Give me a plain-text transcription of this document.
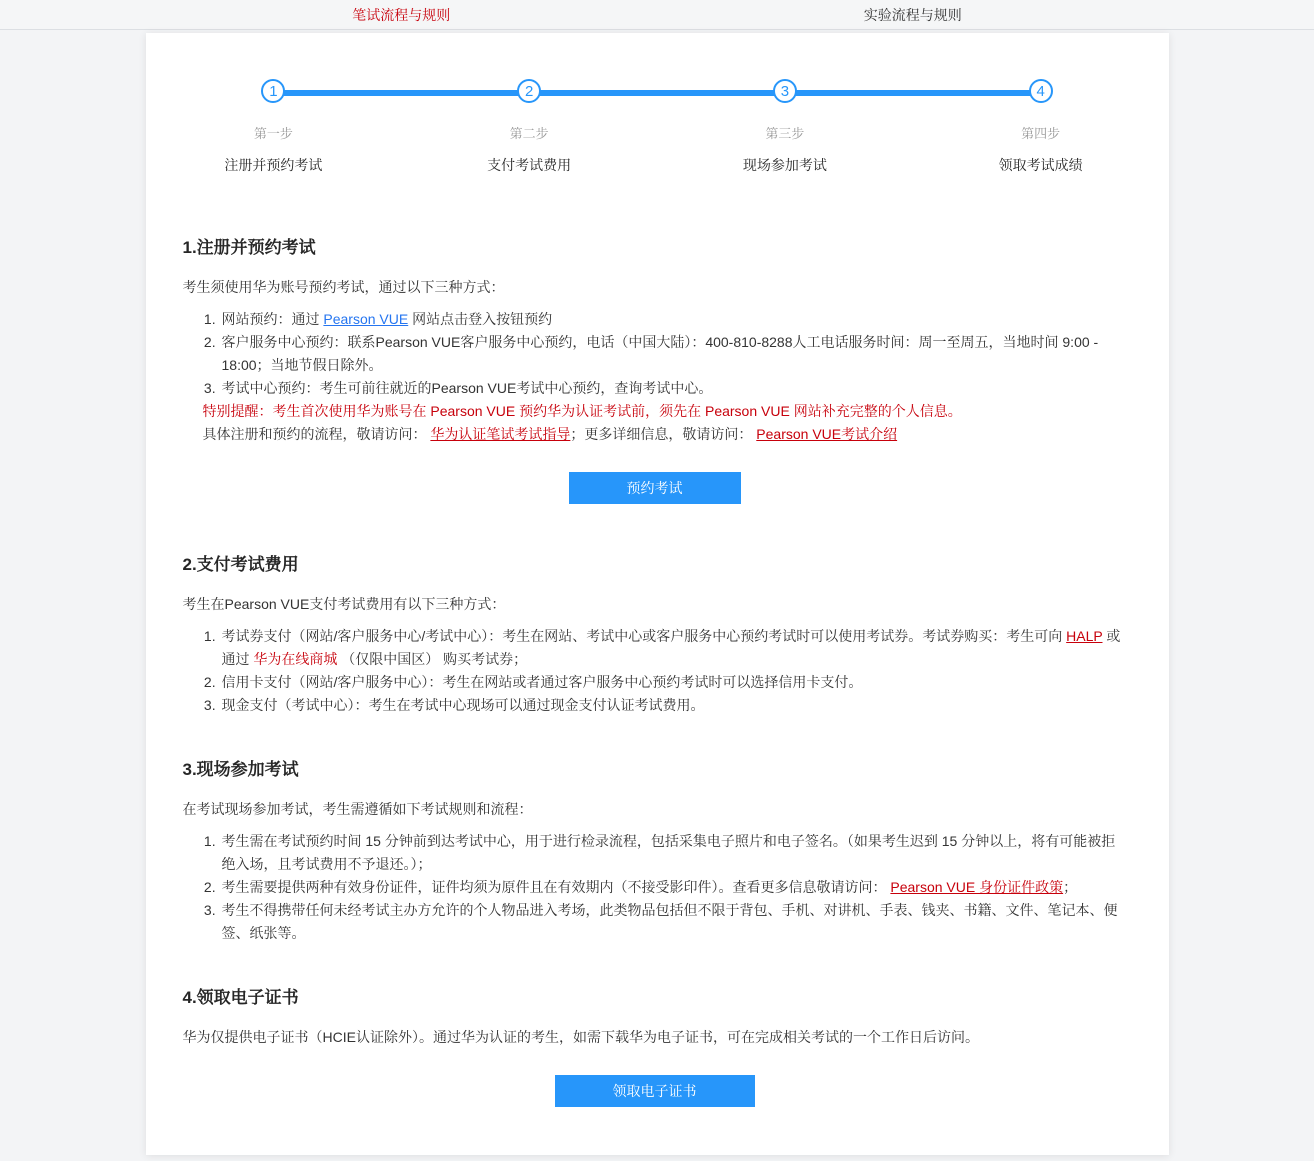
笔试流程与规则	实验流程与规则
1	2	3	4
第一步	第二步	第三步	第四步
注册并预约考试	支付考试费用	现场参加考试	领取考试成绩
1.注册并预约考试

考生须使用华为账号预约考试，通过以下三种方式：

1. 网站预约：通过 Pearson VUE 网站点击登入按钮预约
2. 客户服务中心预约：联系Pearson VUE客户服务中心预约，电话（中国大陆）：400-810-8288人工电话服务时间：周一至周五，当地时间 9:00 - 18:00；当地节假日除外。
3. 考试中心预约：考生可前往就近的Pearson VUE考试中心预约，查询考试中心。
特别提醒：考生首次使用华为账号在 Pearson VUE 预约华为认证考试前，须先在 Pearson VUE 网站补充完整的个人信息。
具体注册和预约的流程，敬请访问： 华为认证笔试考试指导；更多详细信息，敬请访问： Pearson VUE考试介绍
预约考试
2.支付考试费用

考生在Pearson VUE支付考试费用有以下三种方式：

1. 考试券支付（网站/客户服务中心/考试中心）：考生在网站、考试中心或客户服务中心预约考试时可以使用考试券。考试券购买：考生可向 HALP 或通过 华为在线商城 （仅限中国区） 购买考试券；
2. 信用卡支付（网站/客户服务中心）：考生在网站或者通过客户服务中心预约考试时可以选择信用卡支付。
3. 现金支付（考试中心）：考生在考试中心现场可以通过现金支付认证考试费用。
3.现场参加考试

在考试现场参加考试，考生需遵循如下考试规则和流程：

1. 考生需在考试预约时间 15 分钟前到达考试中心，用于进行检录流程，包括采集电子照片和电子签名。（如果考生迟到 15 分钟以上，将有可能被拒绝入场，且考试费用不予退还。）；
2. 考生需要提供两种有效身份证件，证件均须为原件且在有效期内（不接受影印件）。查看更多信息敬请访问： Pearson VUE 身份证件政策；
3. 考生不得携带任何未经考试主办方允许的个人物品进入考场，此类物品包括但不限于背包、手机、对讲机、手表、钱夹、书籍、文件、笔记本、便签、纸张等。
4.领取电子证书

华为仅提供电子证书（HCIE认证除外）。通过华为认证的考生，如需下载华为电子证书，可在完成相关考试的一个工作日后访问。

领取电子证书
